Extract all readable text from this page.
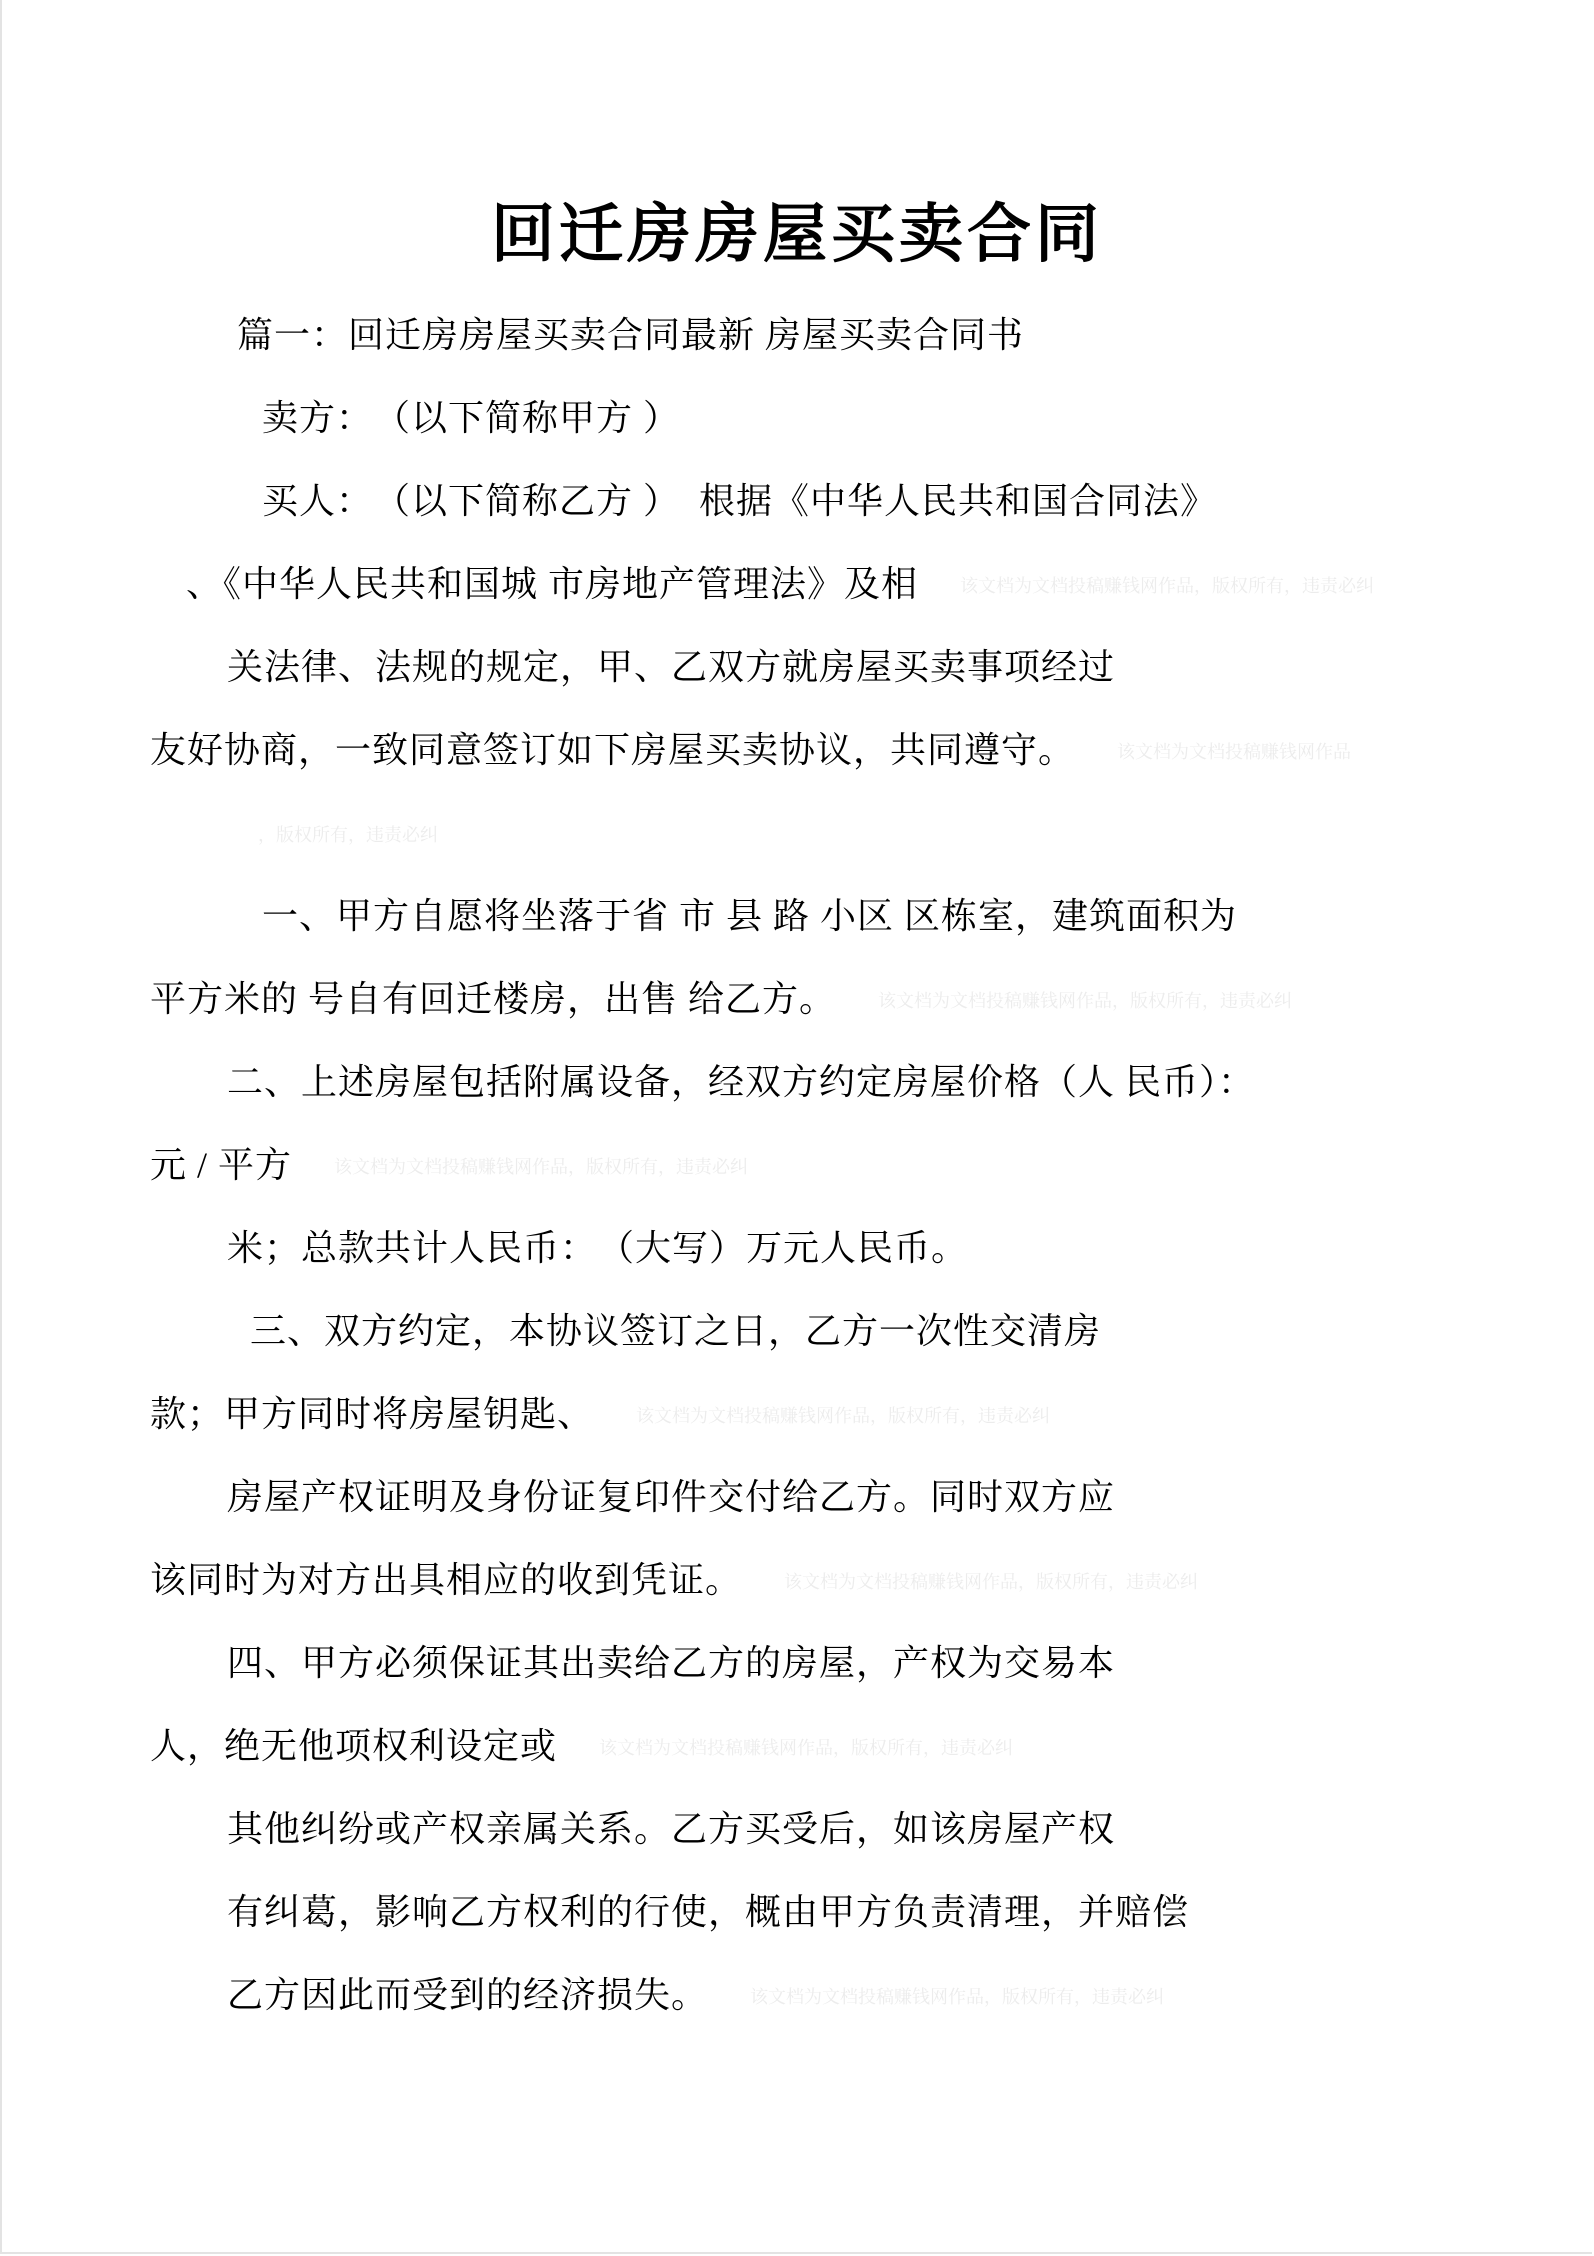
回迁房房屋买卖合同
篇一：回迁房房屋买卖合同最新 房屋买卖合同书
卖方：　（以下简称甲方 ）
买人：　（以下简称乙方 ）　根据《中华人民共和国合同法》
、《中华人民共和国城 市房地产管理法》及相 该文档为文档投稿赚钱网作品，版权所有，违责必纠
关法律、法规的规定，甲、乙双方就房屋买卖事项经过
友好协商，一致同意签订如下房屋买卖协议，共同遵守。 该文档为文档投稿赚钱网作品
，版权所有，违责必纠
一、甲方自愿将坐落于省 市 县 路 小区 区栋室，建筑面积为
平方米的 号自有回迁楼房，出售 给乙方。 该文档为文档投稿赚钱网作品，版权所有，违责必纠
二、上述房屋包括附属设备，经双方约定房屋价格（人 民币）：
元 / 平方 该文档为文档投稿赚钱网作品，版权所有，违责必纠
米；总款共计人民币：　（大写）万元人民币。
三、双方约定，本协议签订之日，乙方一次性交清房
款；甲方同时将房屋钥匙、 该文档为文档投稿赚钱网作品，版权所有，违责必纠
房屋产权证明及身份证复印件交付给乙方。同时双方应
该同时为对方出具相应的收到凭证。 该文档为文档投稿赚钱网作品，版权所有，违责必纠
四、甲方必须保证其出卖给乙方的房屋，产权为交易本
人，绝无他项权利设定或 该文档为文档投稿赚钱网作品，版权所有，违责必纠
其他纠纷或产权亲属关系。乙方买受后，如该房屋产权
有纠葛，影响乙方权利的行使，概由甲方负责清理，并赔偿
乙方因此而受到的经济损失。 该文档为文档投稿赚钱网作品，版权所有，违责必纠
